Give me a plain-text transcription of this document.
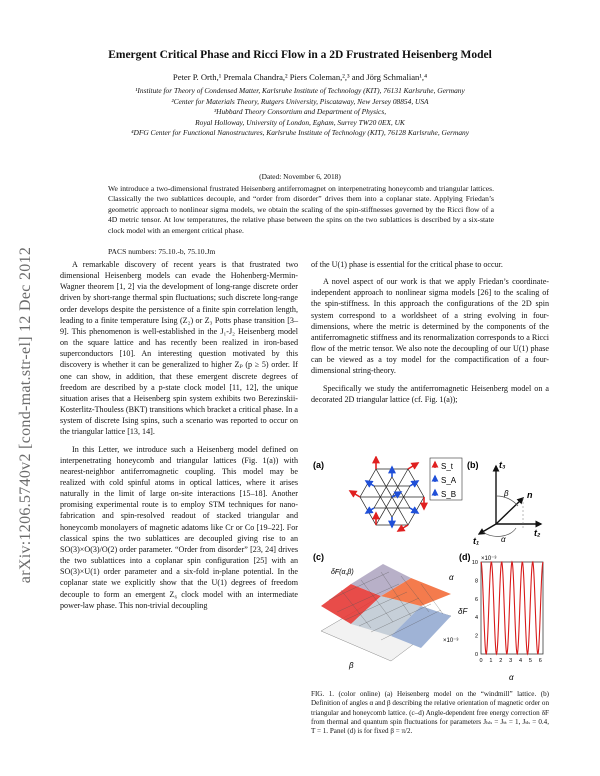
arXiv:1206.5740v2 [cond-mat.str-el] 12 Dec 2012
Emergent Critical Phase and Ricci Flow in a 2D Frustrated Heisenberg Model
Peter P. Orth,¹ Premala Chandra,² Piers Coleman,²,³ and Jörg Schmalian¹,⁴
¹Institute for Theory of Condensed Matter, Karlsruhe Institute of Technology (KIT), 76131 Karlsruhe, Germany
²Center for Materials Theory, Rutgers University, Piscataway, New Jersey 08854, USA
³Hubbard Theory Consortium and Department of Physics,
Royal Holloway, University of London, Egham, Surrey TW20 0EX, UK
⁴DFG Center for Functional Nanostructures, Karlsruhe Institute of Technology (KIT), 76128 Karlsruhe, Germany
(Dated: November 6, 2018)
We introduce a two-dimensional frustrated Heisenberg antiferromagnet on interpenetrating honeycomb and triangular lattices. Classically the two sublattices decouple, and “order from disorder” drives them into a coplanar state. Applying Friedan’s geometric approach to nonlinear sigma models, we obtain the scaling of the spin-stiffnesses governed by the Ricci flow of a 4D metric tensor. At low temperatures, the relative phase between the spins on the two sublattices is described by a six-state clock model with an emergent critical phase.
PACS numbers: 75.10.-b, 75.10.Jm

A remarkable discovery of recent years is that frustrated two dimensional Heisenberg models can evade the Hohenberg-Mermin-Wagner theorem [1, 2] via the development of long-range discrete order driven by short-range thermal spin fluctuations; such discrete long-range order develops despite the persistence of a finite spin correlation length, leading to a finite temperature Ising (Z₂) or Z₃ Potts phase transition [3–9]. This phenomenon is well-established in the J₁-J₂ Heisenberg model on the square lattice and has recently been realized in iron-based superconductors [10]. An interesting question motivated by this discovery is whether it can be generalized to higher Zₚ (p ≥ 5) order. If one can show, in addition, that these emergent discrete degrees of freedom are described by a p-state clock model [11, 12], the unique situation arises that a Heisenberg spin system exhibits two Berezinskii-Kosterlitz-Thouless (BKT) transitions which bracket a critical phase. In a system of discrete Ising spins, such a scenario was reported to occur on the triangular lattice [13, 14].

In this Letter, we introduce such a Heisenberg model defined on interpenetrating honeycomb and triangular lattices (Fig. 1(a)) with nearest-neighbor antiferromagnetic coupling. This model may be realized with cold spinful atoms in optical lattices, where it arises naturally in the limit of large on-site interactions [15–18]. Another promising experimental route is to employ STM techniques for nano-fabrication and spin-resolved readout of stacked triangular and honeycomb monolayers of magnetic adatoms like Cr or Co [19–22]. For classical spins the two sublattices are decoupled giving rise to an SO(3)×O(3)/O(2) order parameter. “Order from disorder” [23, 24] drives the two sublattices into a coplanar spin configuration [25] with an SO(3)×U(1) order parameter and a six-fold in-plane potential. In the coplanar state we explicitly show that the U(1) degrees of freedom decouple to form an emergent Z₆ clock model with an intermediate power-law phase. This non-trivial decoupling

of the U(1) phase is essential for the critical phase to occur.

A novel aspect of our work is that we apply Friedan’s coordinate-independent approach to nonlinear sigma models [26] to the scaling of the spin-stiffness. In this approach the configurations of the 2D spin system correspond to a worldsheet of a string evolving in four-dimensions, where the metric is determined by the components of the antiferromagnetic stiffness and its renormalization corresponds to a Ricci flow of the metric tensor. We also note the decoupling of our U(1) phase can be viewed as a toy model for the compactification of a four-dimensional string-theory.

Specifically we study the antiferromagnetic Heisenberg model on a decorated 2D triangular lattice (cf. Fig. 1(a));

(a)	S_t
S_A
S_B
(b) t₃
t₁
t₂
n
β
α
(c)
δF(α,β)
β
α
×10⁻³
(d) ×10⁻³
δF
0
2
4
6
8
10
0 1 2 3 4 5 6
α
FIG. 1. (color online) (a) Heisenberg model on the “windmill” lattice. (b) Definition of angles α and β describing the relative orientation of magnetic order on triangular and honeycomb lattice. (c–d) Angle-dependent free energy correction δF from thermal and quantum spin fluctuations for parameters Jₕₕ = Jₜₜ = 1, Jₜₕ = 0.4, T = 1. Panel (d) is for fixed β = π/2.
